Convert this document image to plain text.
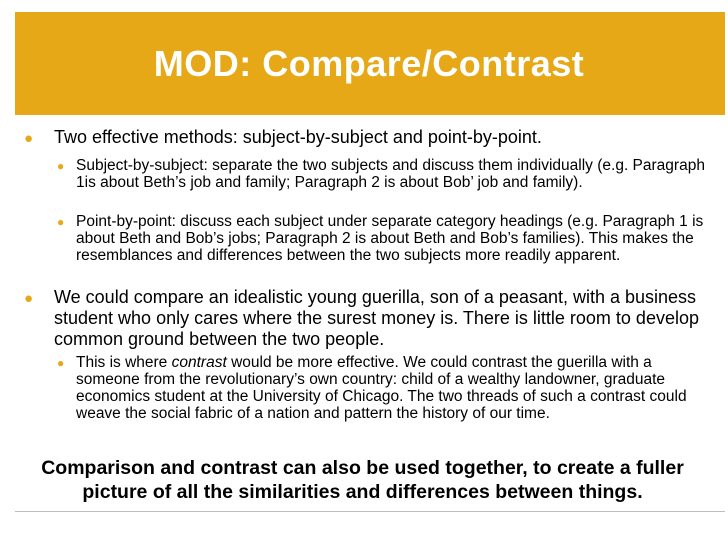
MOD: Compare/Contrast
● Two effective methods: subject-by-subject and point-by-point.
● Subject-by-subject: separate the two subjects and discuss them individually (e.g. Paragraph 1is about Beth’s job and family; Paragraph 2 is about Bob’ job and family).
● Point-by-point: discuss each subject under separate category headings (e.g. Paragraph 1 is about Beth and Bob’s jobs; Paragraph 2 is about Beth and Bob’s families). This makes the resemblances and differences between the two subjects more readily apparent.
● We could compare an idealistic young guerilla, son of a peasant, with a business student who only cares where the surest money is. There is little room to develop common ground between the two people.
● This is where contrast would be more effective. We could contrast the guerilla with a someone from the revolutionary’s own country: child of a wealthy landowner, graduate economics student at the University of Chicago. The two threads of such a contrast could weave the social fabric of a nation and pattern the history of our time.
Comparison and contrast can also be used together, to create a fuller picture of all the similarities and differences between things.
